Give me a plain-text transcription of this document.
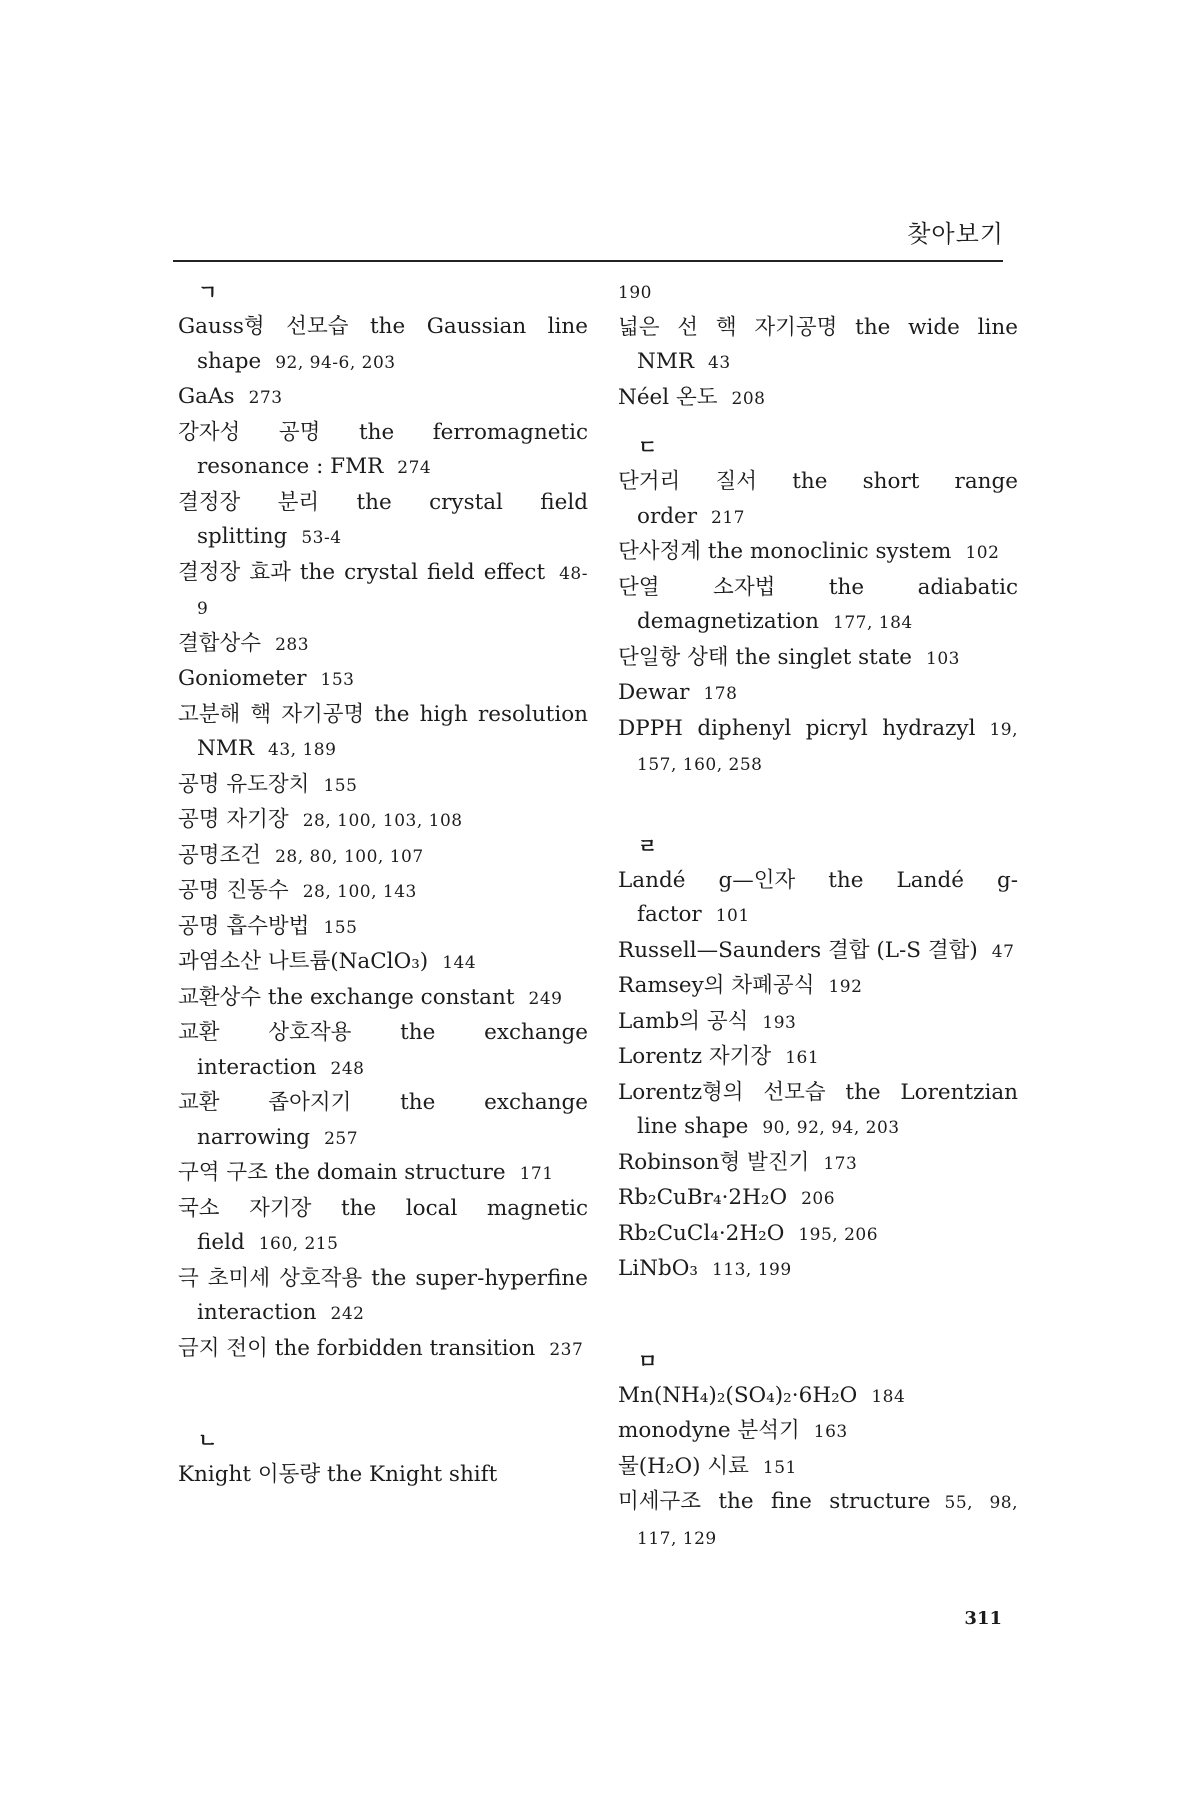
찾아보기
ㄱ
Gauss형 선모습 the Gaussian line shape 92, 94-6, 203
GaAs 273
강자성 공명 the ferromagnetic resonance : FMR 274
결정장 분리 the crystal field splitting 53-4
결정장 효과 the crystal field effect 48-9
결합상수 283
Goniometer 153
고분해 핵 자기공명 the high resolution NMR 43, 189
공명 유도장치 155
공명 자기장 28, 100, 103, 108
공명조건 28, 80, 100, 107
공명 진동수 28, 100, 143
공명 흡수방법 155
과염소산 나트륨(NaClO₃) 144
교환상수 the exchange constant 249
교환 상호작용 the exchange interaction 248
교환 좁아지기 the exchange narrowing 257
구역 구조 the domain structure 171
국소 자기장 the local magnetic field 160, 215
극 초미세 상호작용 the super-hyperfine interaction 242
금지 전이 the forbidden transition 237
ㄴ
Knight 이동량 the Knight shift
190
넓은 선 핵 자기공명 the wide line NMR 43
Néel 온도 208
ㄷ
단거리 질서 the short range order 217
단사정계 the monoclinic system 102
단열 소자법 the adiabatic demagnetization 177, 184
단일항 상태 the singlet state 103
Dewar 178
DPPH diphenyl picryl hydrazyl 19, 157, 160, 258
ㄹ
Landé g—인자 the Landé g-factor 101
Russell—Saunders 결합 (L-S 결합) 47
Ramsey의 차폐공식 192
Lamb의 공식 193
Lorentz 자기장 161
Lorentz형의 선모습 the Lorentzian line shape 90, 92, 94, 203
Robinson형 발진기 173
Rb₂CuBr₄·2H₂O 206
Rb₂CuCl₄·2H₂O 195, 206
LiNbO₃ 113, 199
ㅁ
Mn(NH₄)₂(SO₄)₂·6H₂O 184
monodyne 분석기 163
물(H₂O) 시료 151
미세구조 the fine structure 55, 98, 117, 129
311
